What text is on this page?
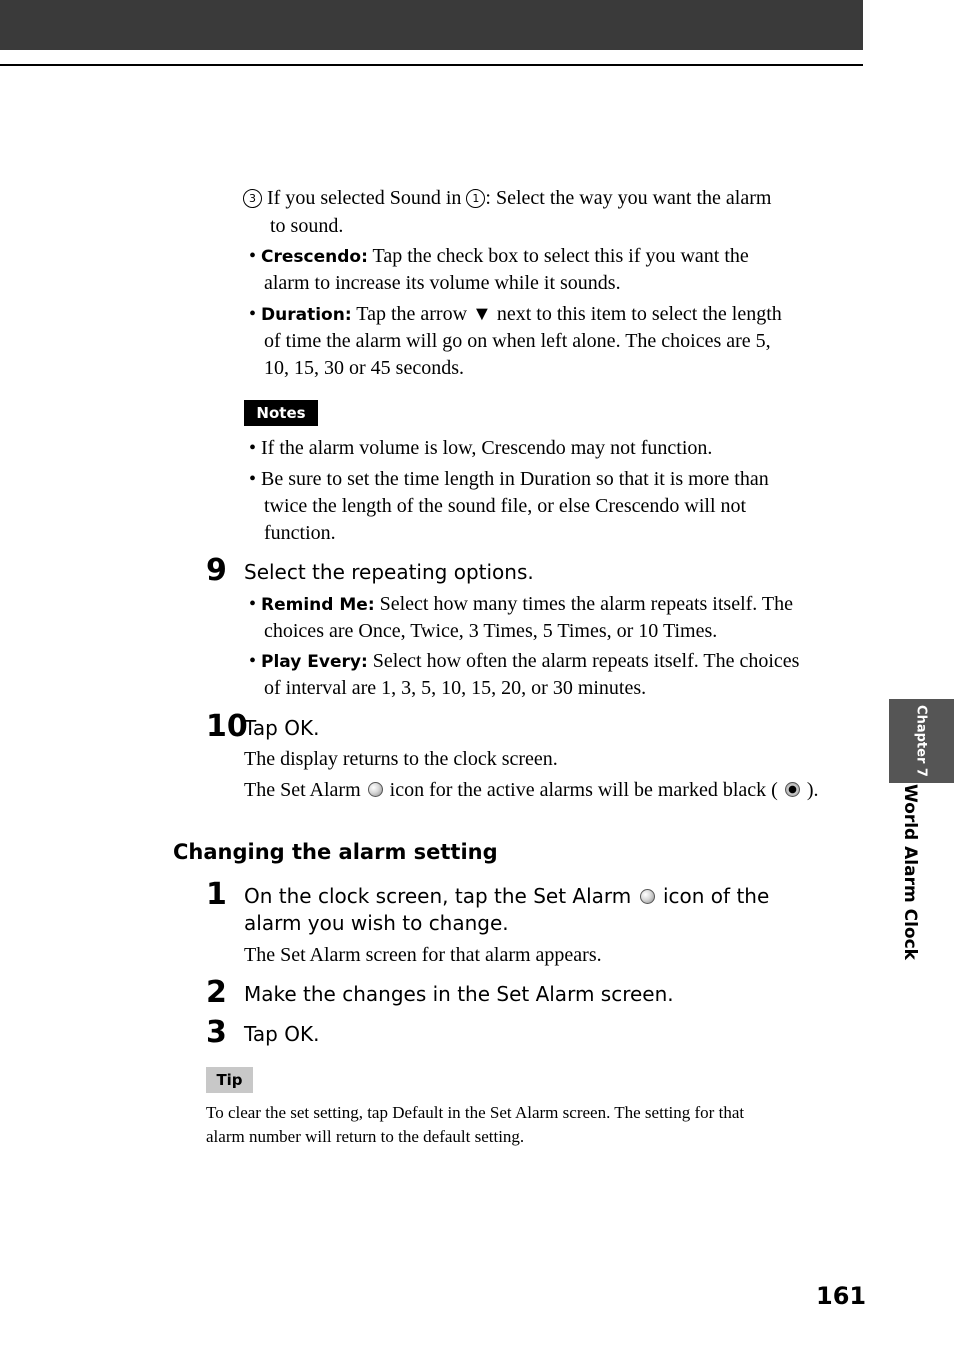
3 If you selected Sound in 1 : Select the way you want the alarm
to sound.
• Crescendo: Tap the check box to select this if you want the
alarm to increase its volume while it sounds.
• Duration: Tap the arrow ▼ next to this item to select the length
of time the alarm will go on when left alone. The choices are 5,
10, 15, 30 or 45 seconds.
Notes
• If the alarm volume is low, Crescendo may not function.
• Be sure to set the time length in Duration so that it is more than
twice the length of the sound file, or else Crescendo will not
function.
9 Select the repeating options.
• Remind Me: Select how many times the alarm repeats itself. The
choices are Once, Twice, 3 Times, 5 Times, or 10 Times.
• Play Every: Select how often the alarm repeats itself. The choices
of interval are 1, 3, 5, 10, 15, 20, or 30 minutes.
10
Tap OK.
The display returns to the clock screen.
The Set Alarm  icon for the active alarms will be marked black ( ).
Changing the alarm setting
1 On the clock screen, tap the Set Alarm  icon of the
alarm you wish to change.
The Set Alarm screen for that alarm appears.
2 Make the changes in the Set Alarm screen.
3 Tap OK.
Tip
To clear the set setting, tap Default in the Set Alarm screen. The setting for that
alarm number will return to the default setting.
Chapter 7
World Alarm Clock
161
